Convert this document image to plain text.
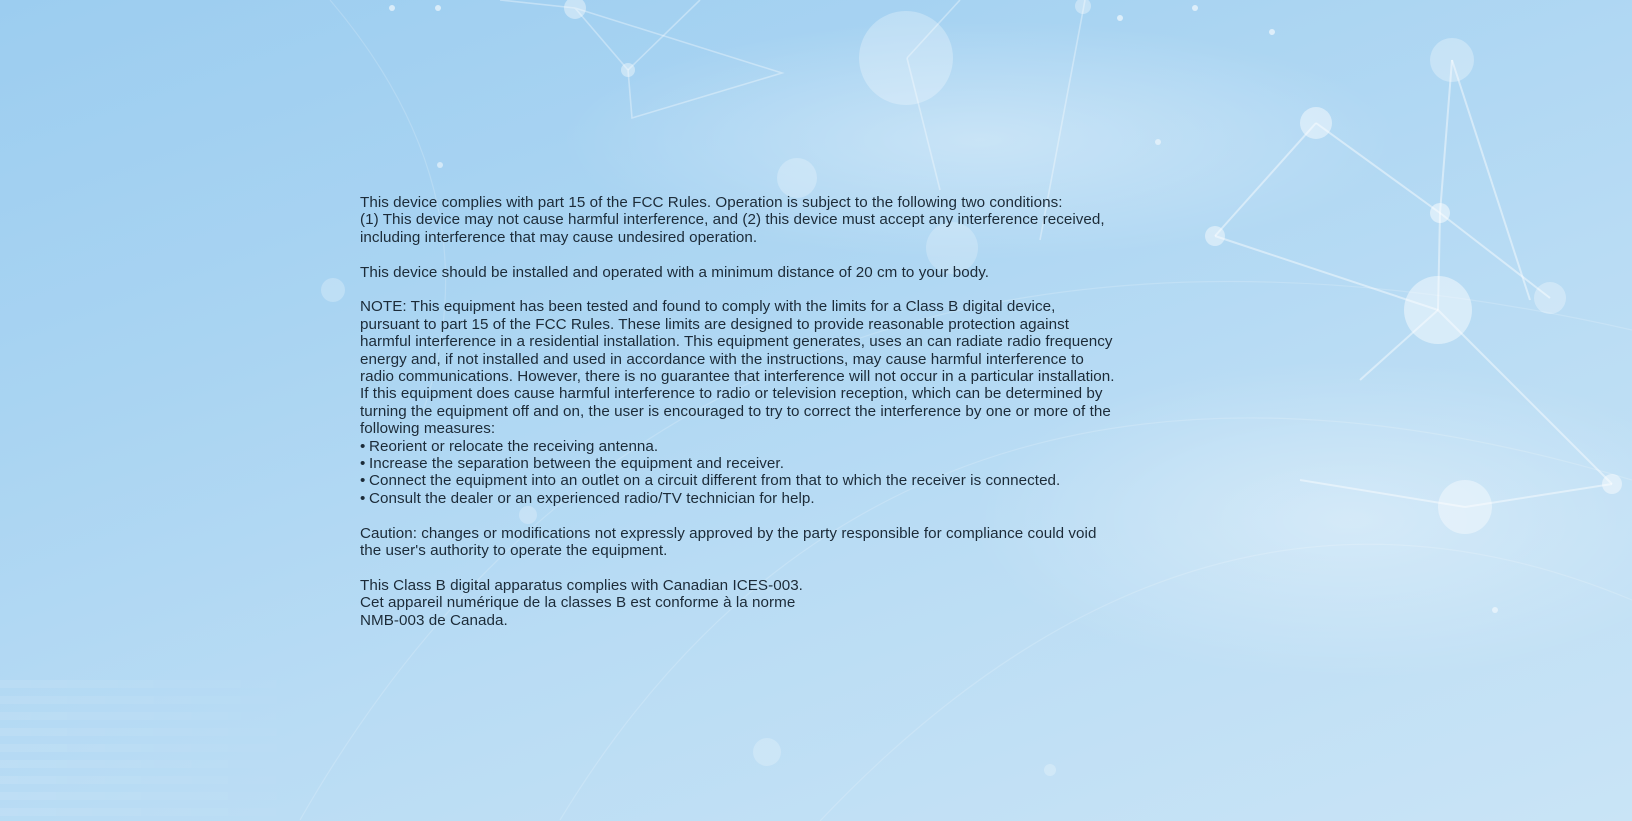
This device complies with part 15 of the FCC Rules. Operation is subject to the following two conditions:
(1) This device may not cause harmful interference, and (2) this device must accept any interference received,
including interference that may cause undesired operation.

This device should be installed and operated with a minimum distance of 20 cm to your body.

NOTE: This equipment has been tested and found to comply with the limits for a Class B digital device,
pursuant to part 15 of the FCC Rules. These limits are designed to provide reasonable protection against
harmful interference in a residential installation. This equipment generates, uses an can radiate radio frequency
energy and, if not installed and used in accordance with the instructions, may cause harmful interference to
radio communications. However, there is no guarantee that interference will not occur in a particular installation.
If this equipment does cause harmful interference to radio or television reception, which can be determined by
turning the equipment off and on, the user is encouraged to try to correct the interference by one or more of the
following measures:

• Reorient or relocate the receiving antenna.
• Increase the separation between the equipment and receiver.
• Connect the equipment into an outlet on a circuit different from that to which the receiver is connected.
• Consult the dealer or an experienced radio/TV technician for help.

Caution: changes or modifications not expressly approved by the party responsible for compliance could void
the user's authority to operate the equipment.

This Class B digital apparatus complies with Canadian ICES-003.
Cet appareil numérique de la classes B est conforme à la norme
NMB-003 de Canada.
